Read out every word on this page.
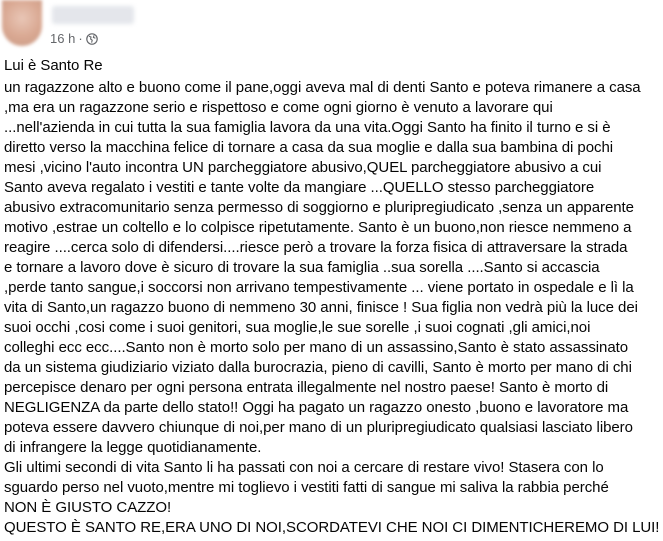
16 h ·

Lui è Santo Re

un ragazzone alto e buono come il pane,oggi aveva mal di denti Santo e poteva rimanere a casa

,ma era un ragazzone serio e rispettoso e come ogni giorno è venuto a lavorare qui

...nell'azienda in cui tutta la sua famiglia lavora da una vita.Oggi Santo ha finito il turno e si è

diretto verso la macchina felice di tornare a casa da sua moglie e dalla sua bambina di pochi

mesi ,vicino l'auto incontra UN parcheggiatore abusivo,QUEL parcheggiatore abusivo a cui

Santo aveva regalato i vestiti e tante volte da mangiare ...QUELLO stesso parcheggiatore

abusivo extracomunitario senza permesso di soggiorno e pluripregiudicato ,senza un apparente

motivo ,estrae un coltello e lo colpisce ripetutamente. Santo è un buono,non riesce nemmeno a

reagire ....cerca solo di difendersi....riesce però a trovare la forza fisica di attraversare la strada

e tornare a lavoro dove è sicuro di trovare la sua famiglia ..sua sorella ....Santo si accascia

,perde tanto sangue,i soccorsi non arrivano tempestivamente ... viene portato in ospedale e lì la

vita di Santo,un ragazzo buono di nemmeno 30 anni, finisce ! Sua figlia non vedrà più la luce dei

suoi occhi ,cosi come i suoi genitori, sua moglie,le sue sorelle ,i suoi cognati ,gli amici,noi

colleghi ecc ecc....Santo non è morto solo per mano di un assassino,Santo è stato assassinato

da un sistema giudiziario viziato dalla burocrazia, pieno di cavilli, Santo è morto per mano di chi

percepisce denaro per ogni persona entrata illegalmente nel nostro paese! Santo è morto di

NEGLIGENZA da parte dello stato!! Oggi ha pagato un ragazzo onesto ,buono e lavoratore ma

poteva essere davvero chiunque di noi,per mano di un pluripregiudicato qualsiasi lasciato libero

di infrangere la legge quotidianamente.

Gli ultimi secondi di vita Santo li ha passati con noi a cercare di restare vivo! Stasera con lo

sguardo perso nel vuoto,mentre mi toglievo i vestiti fatti di sangue mi saliva la rabbia perché

NON È GIUSTO CAZZO!

QUESTO È SANTO RE,ERA UNO DI NOI,SCORDATEVI CHE NOI CI DIMENTICHEREMO DI LUI!
